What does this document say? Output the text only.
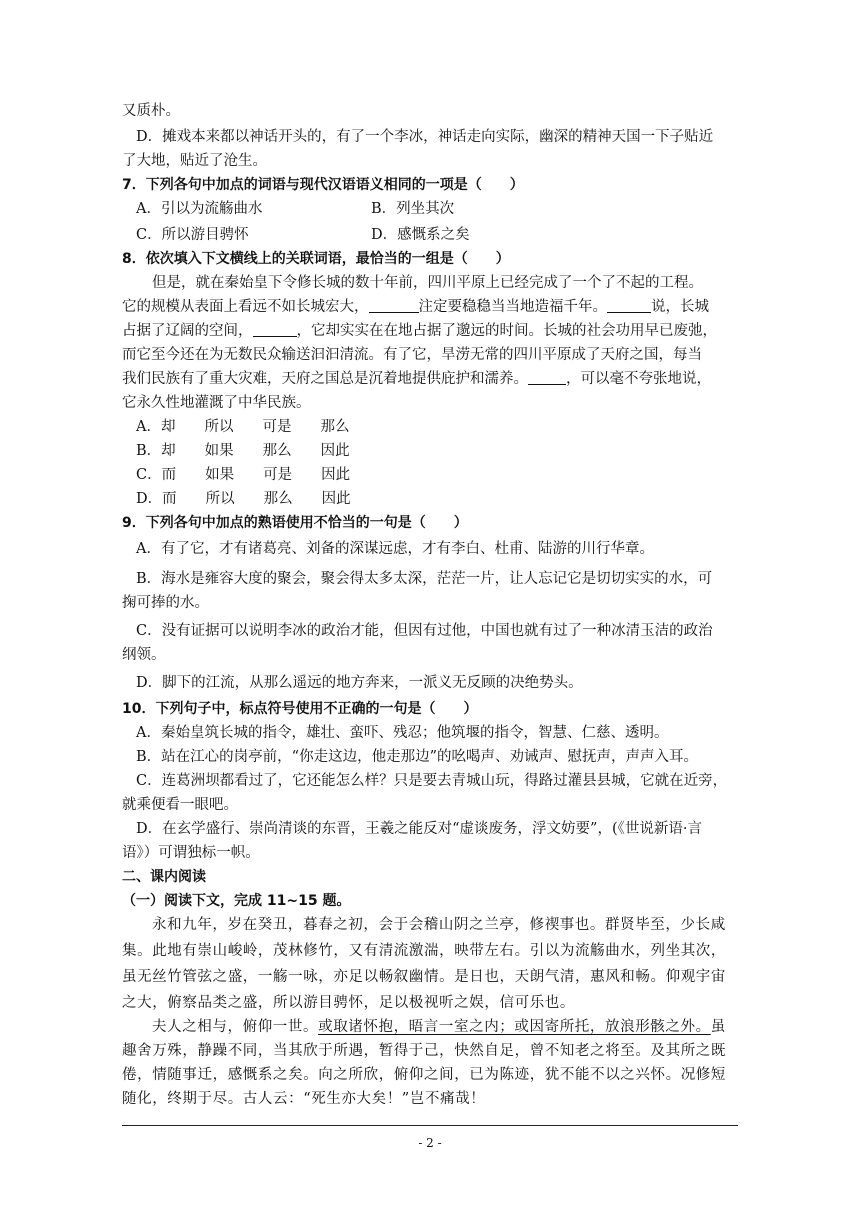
又质朴。
D．摊戏本来都以神话开头的，有了一个李冰，神话走向实际，幽深的精神天国一下子贴近
了大地，贴近了沧生。
7．下列各句中加点的词语与现代汉语语义相同的一项是（　　）
A．引以为流觞曲水	B．列坐其次
C．所以游目骋怀	D．感慨系之矣
8．依次填入下文横线上的关联词语，最恰当的一组是（　　）
但是，就在秦始皇下令修长城的数十年前，四川平原上已经完成了一个了不起的工程。
它的规模从表面上看远不如长城宏大，	注定要稳稳当当地造福千年。	说，长城
占据了辽阔的空间，	，它却实实在在地占据了邈远的时间。长城的社会功用早已废弛，
而它至今还在为无数民众输送汩汩清流。有了它，旱涝无常的四川平原成了天府之国，每当
我们民族有了重大灾难，天府之国总是沉着地提供庇护和濡养。	，可以毫不夸张地说，
它永久性地灌溉了中华民族。
A．却　　所以　　可是　　那么
B．却　　如果　　那么　　因此
C．而　　如果　　可是　　因此
D．而　　所以　　那么　　因此
9．下列各句中加点的熟语使用不恰当的一句是（　　）
A．有了它，才有诸葛亮、刘备的深谋远虑，才有李白、杜甫、陆游的川行华章。
B．海水是雍容大度的聚会，聚会得太多太深，茫茫一片，让人忘记它是切切实实的水，可
掬可捧的水。
C．没有证据可以说明李冰的政治才能，但因有过他，中国也就有过了一种冰清玉洁的政治
纲领。
D．脚下的江流，从那么遥远的地方奔来，一派义无反顾的决绝势头。
10．下列句子中，标点符号使用不正确的一句是（　　）
A．秦始皇筑长城的指令，雄壮、蛮吓、残忍；他筑堰的指令，智慧、仁慈、透明。
B．站在江心的岗亭前，“你走这边，他走那边”的吆喝声、劝诫声、慰抚声，声声入耳。
C．连葛洲坝都看过了，它还能怎么样？只是要去青城山玩，得路过灌县县城，它就在近旁，
就乘便看一眼吧。
D．在玄学盛行、崇尚清谈的东晋，王羲之能反对“虚谈废务，浮文妨要”，(《世说新语·言
语》）可谓独标一帜。
二、课内阅读
（一）阅读下文，完成 11~15 题。
永和九年，岁在癸丑，暮春之初，会于会稽山阴之兰亭，修禊事也。群贤毕至，少长咸
集。此地有崇山峻岭，茂林修竹，又有清流激湍，映带左右。引以为流觞曲水，列坐其次，
虽无丝竹管弦之盛，一觞一咏，亦足以畅叙幽情。是日也，天朗气清，惠风和畅。仰观宇宙
之大，俯察品类之盛，所以游目骋怀，足以极视听之娱，信可乐也。
夫人之相与，俯仰一世。或取诸怀抱，晤言一室之内；或因寄所托，放浪形骸之外。虽
趣舍万殊，静躁不同，当其欣于所遇，暂得于己，快然自足，曾不知老之将至。及其所之既
倦，情随事迁，感慨系之矣。向之所欣，俯仰之间，已为陈迹，犹不能不以之兴怀。况修短
随化，终期于尽。古人云：“死生亦大矣！”岂不痛哉！
- 2 -
